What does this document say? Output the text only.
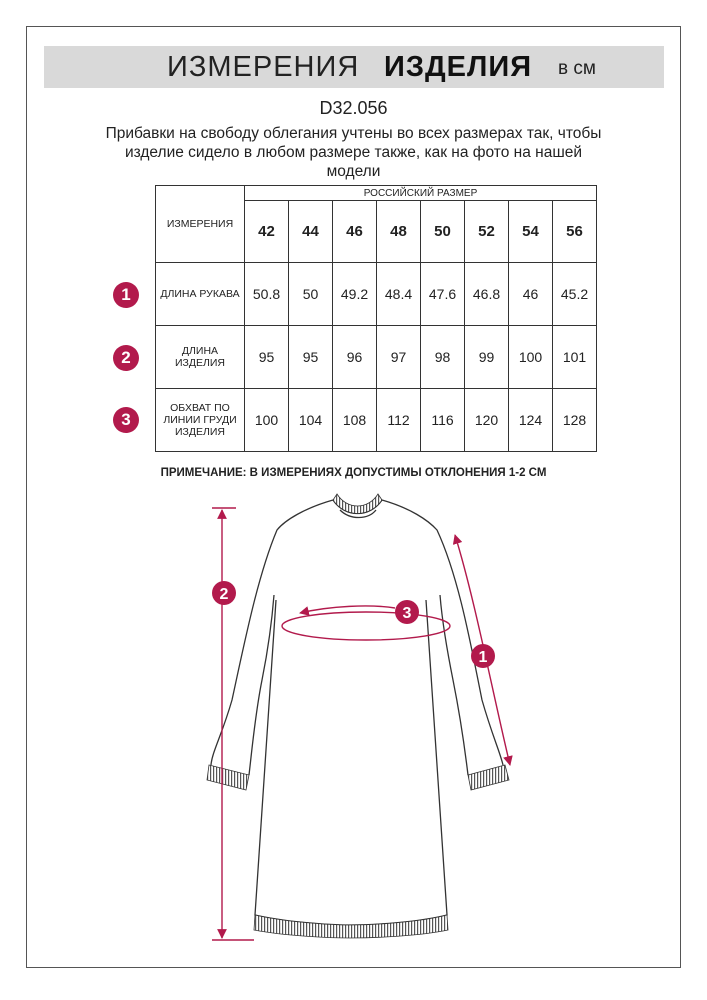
ИЗМЕРЕНИЯ ИЗДЕЛИЯ в см
D32.056
Прибавки на свободу облегания учтены во всех размерах так, чтобы
изделие сидело в любом размере также, как на фото на нашей
модели
1
2
3
ИЗМЕРЕНИЯ	РОССИЙСКИЙ РАЗМЕР							
	42	44	46	48	50	52	54	56
ДЛИНА РУКАВА	50.8	50	49.2	48.4	47.6	46.8	46	45.2
ДЛИНА ИЗДЕЛИЯ	95	95	96	97	98	99	100	101
ОБХВАТ ПО ЛИНИИ ГРУДИ ИЗДЕЛИЯ	100	104	108	112	116	120	124	128
ПРИМЕЧАНИЕ: В ИЗМЕРЕНИЯХ ДОПУСТИМЫ ОТКЛОНЕНИЯ 1-2 СМ
2
3
1
